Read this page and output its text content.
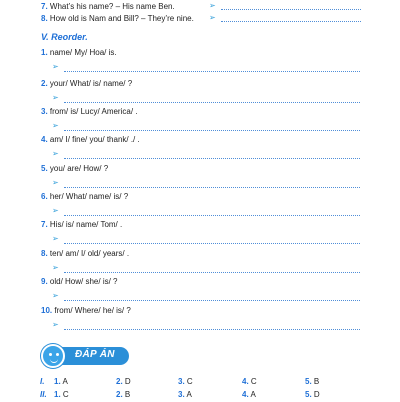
7. What’s his name? – His name Ben.	➢
8. How old is Nam and Bill? – They’re nine. ➢
V. Reorder.
1. name/ My/ Hoa/ is.
➢
2. your/ What/ is/ name/ ?
➢
3. from/ is/ Lucy/ America/ .
➢
4. am/ I/ fine/ you/ thank/ ./ .
➢
5. you/ are/ How/ ?
➢
6. her/ What/ name/ is/ ?
➢
7. His/ is/ name/ Tom/ .
➢
8. ten/ am/ I/ old/ years/ .
➢
9. old/ How/ she/ is/ ?
➢
10. from/ Where/ he/ is/ ?
➢
ĐÁP ÁN
I. 1. A	2. D	3. C	4. C	5. B
II. 1. C	2. B	3. A	4. A	5. D
